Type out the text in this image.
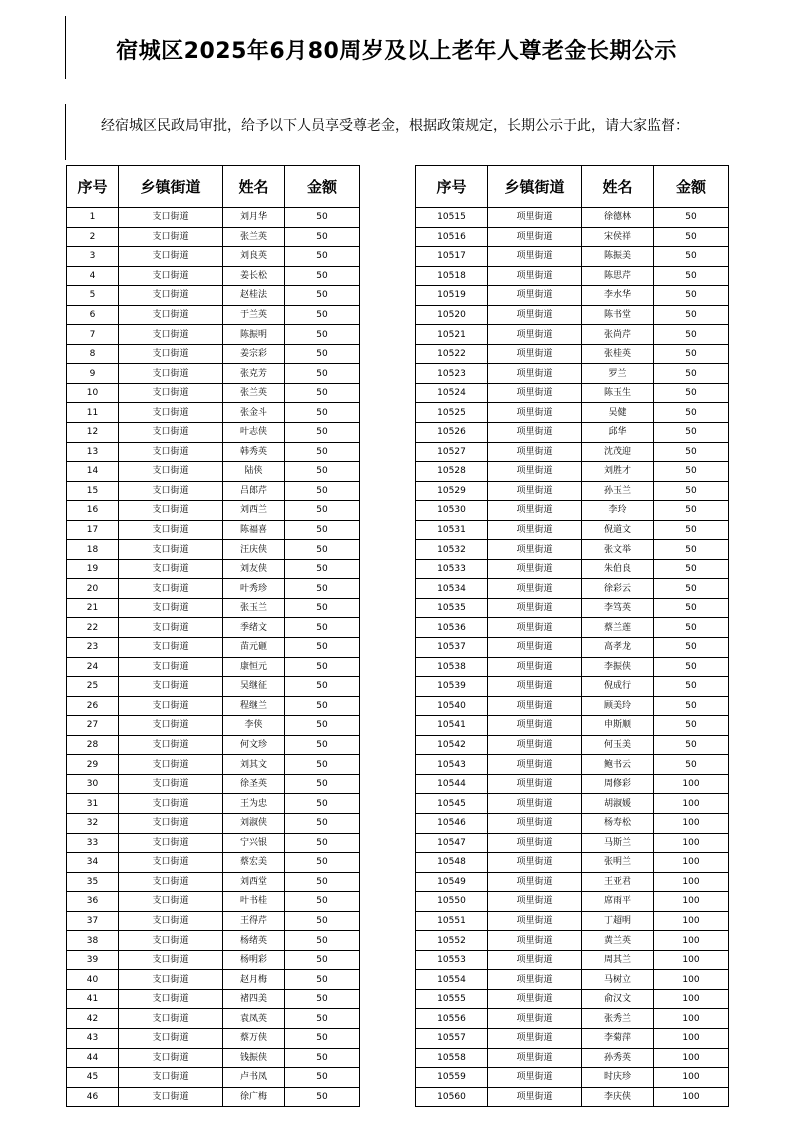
宿城区2025年6月80周岁及以上老年人尊老金长期公示
经宿城区民政局审批，给予以下人员享受尊老金，根据政策规定，长期公示于此，请大家监督：
序号	乡镇街道	姓名	金额
1	支口街道	刘月华	50
2	支口街道	张兰英	50
3	支口街道	刘良英	50
4	支口街道	姜长松	50
5	支口街道	赵桂法	50
6	支口街道	于兰英	50
7	支口街道	陈振明	50
8	支口街道	姜宗彩	50
9	支口街道	张克芳	50
10	支口街道	张兰英	50
11	支口街道	张金斗	50
12	支口街道	叶志侠	50
13	支口街道	韩秀英	50
14	支口街道	陆侠	50
15	支口街道	吕郎芹	50
16	支口街道	刘西兰	50
17	支口街道	陈福喜	50
18	支口街道	汪庆侠	50
19	支口街道	刘友侠	50
20	支口街道	叶秀珍	50
21	支口街道	张玉兰	50
22	支口街道	季绪文	50
23	支口街道	苗元砸	50
24	支口街道	康恒元	50
25	支口街道	吴继征	50
26	支口街道	程继兰	50
27	支口街道	李侠	50
28	支口街道	何文珍	50
29	支口街道	刘其文	50
30	支口街道	徐圣英	50
31	支口街道	王为忠	50
32	支口街道	刘淑侠	50
33	支口街道	宁兴银	50
34	支口街道	蔡宏美	50
35	支口街道	刘西堂	50
36	支口街道	叶书桂	50
37	支口街道	王得芹	50
38	支口街道	杨绪英	50
39	支口街道	杨明彩	50
40	支口街道	赵月梅	50
41	支口街道	褚四美	50
42	支口街道	袁凤英	50
43	支口街道	蔡万侠	50
44	支口街道	钱振侠	50
45	支口街道	卢书凤	50
46	支口街道	徐广梅	50
序号	乡镇街道	姓名	金额
10515	项里街道	徐德林	50
10516	项里街道	宋侯祥	50
10517	项里街道	陈振美	50
10518	项里街道	陈思芹	50
10519	项里街道	李水华	50
10520	项里街道	陈书堂	50
10521	项里街道	张尚芹	50
10522	项里街道	张桂英	50
10523	项里街道	罗兰	50
10524	项里街道	陈玉生	50
10525	项里街道	吴健	50
10526	项里街道	邱华	50
10527	项里街道	沈茂迎	50
10528	项里街道	刘胜才	50
10529	项里街道	孙玉兰	50
10530	项里街道	李玲	50
10531	项里街道	倪道文	50
10532	项里街道	张文举	50
10533	项里街道	朱伯良	50
10534	项里街道	徐彩云	50
10535	项里街道	李笃英	50
10536	项里街道	蔡兰莲	50
10537	项里街道	高孝龙	50
10538	项里街道	李振侠	50
10539	项里街道	倪成行	50
10540	项里街道	顾美玲	50
10541	项里街道	申斯顺	50
10542	项里街道	何玉美	50
10543	项里街道	鲍书云	50
10544	项里街道	周修彩	100
10545	项里街道	胡淑媛	100
10546	项里街道	杨寿松	100
10547	项里街道	马斯兰	100
10548	项里街道	张明兰	100
10549	项里街道	王亚君	100
10550	项里街道	席雨平	100
10551	项里街道	丁超明	100
10552	项里街道	黄兰英	100
10553	项里街道	周其兰	100
10554	项里街道	马树立	100
10555	项里街道	俞汉文	100
10556	项里街道	张秀兰	100
10557	项里街道	李菊萍	100
10558	项里街道	孙秀英	100
10559	项里街道	时庆珍	100
10560	项里街道	李庆侠	100
